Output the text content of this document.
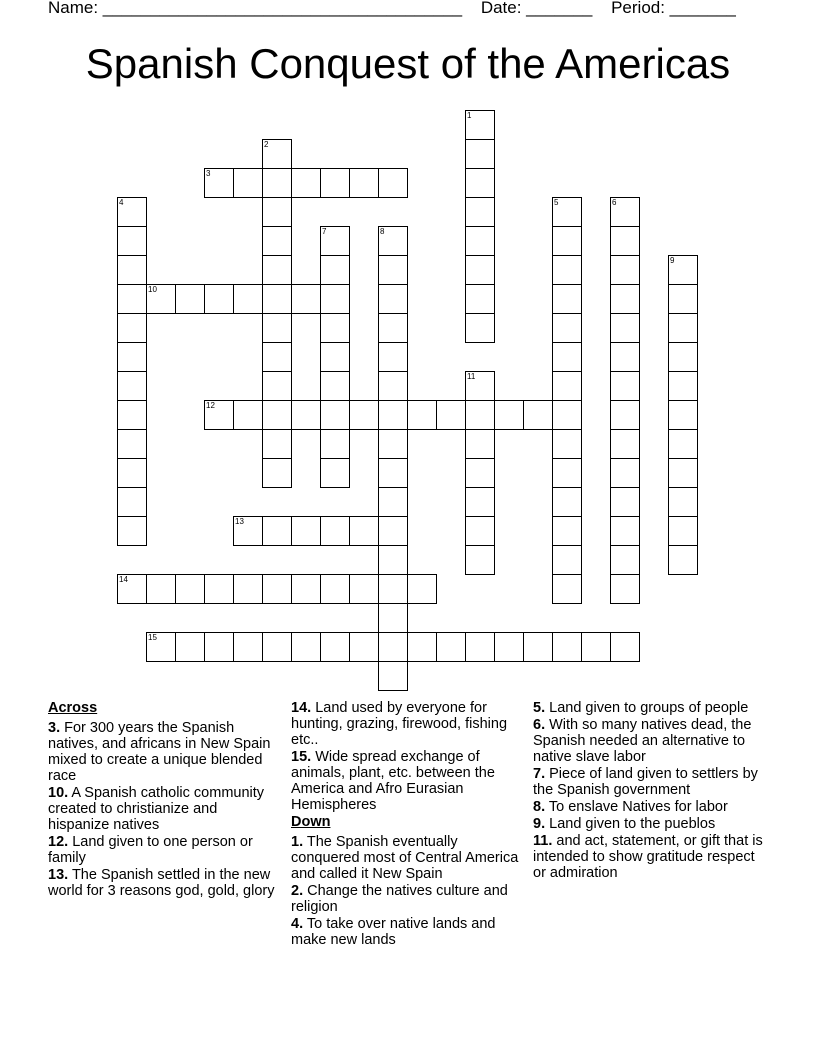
Name: ______________________________________ Date: _______ Period: _______
Spanish Conquest of the Americas
3
10
12
13
14
15
1
2
4	5	6
7	8
9
11
Across
3. For 300 years the Spanish natives, and africans in New Spain mixed to create a unique blended race
10. A Spanish catholic community created to christianize and hispanize natives
12. Land given to one person or family
13. The Spanish settled in the new world for 3 reasons god, gold, glory
14. Land used by everyone for hunting, grazing, firewood, fishing etc..
15. Wide spread exchange of animals, plant, etc. between the America and Afro Eurasian Hemispheres
Down
1. The Spanish eventually conquered most of Central America and called it New Spain
2. Change the natives culture and religion
4. To take over native lands and make new lands
5. Land given to groups of people
6. With so many natives dead, the Spanish needed an alternative to native slave labor
7. Piece of land given to settlers by the Spanish government
8. To enslave Natives for labor
9. Land given to the pueblos
11. and act, statement, or gift that is intended to show gratitude respect or admiration
